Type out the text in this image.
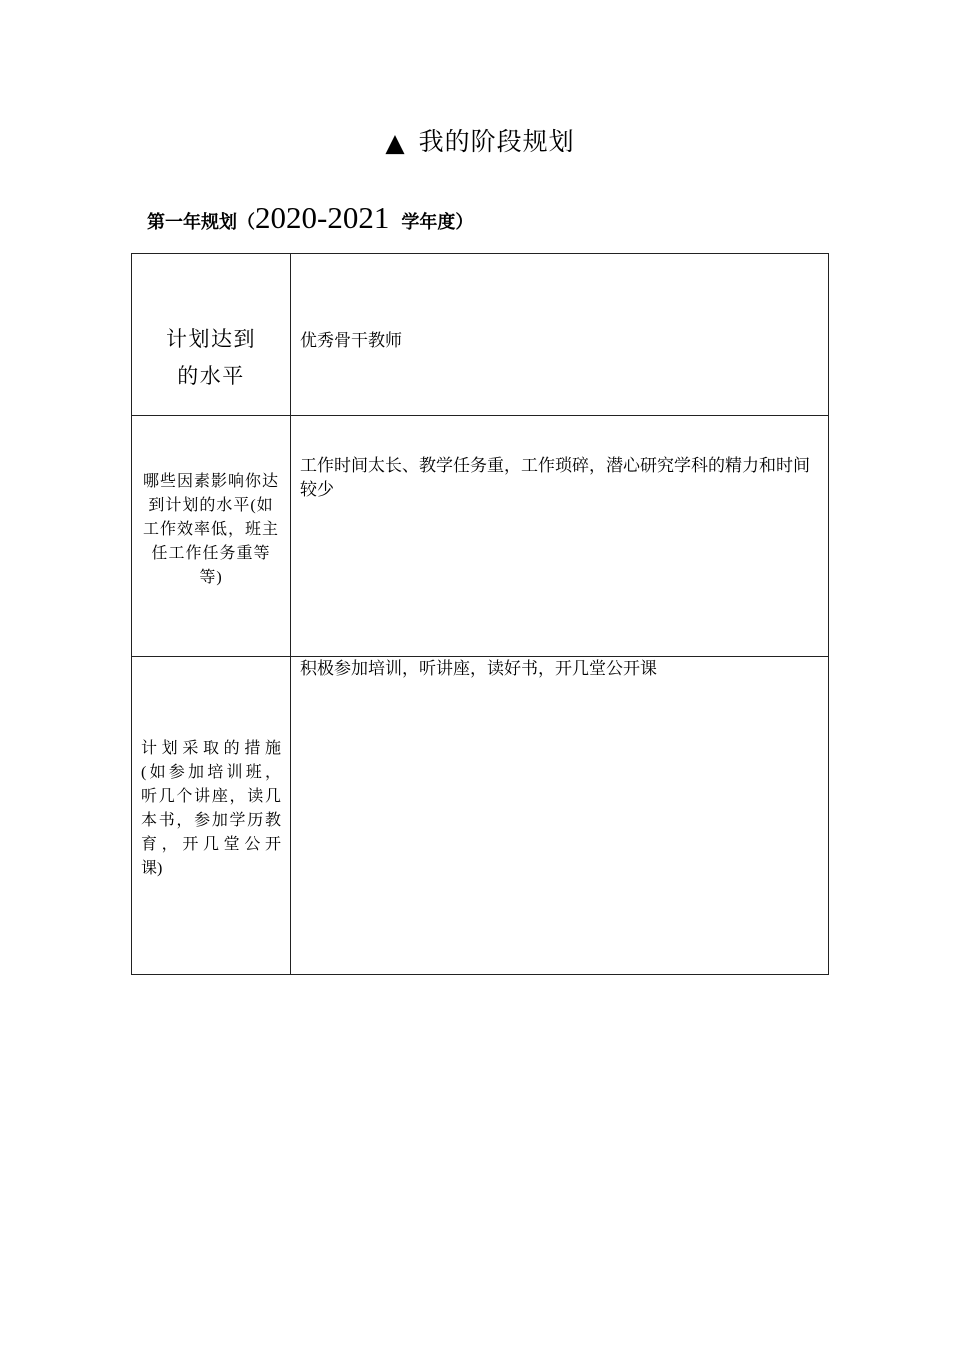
▲ 我的阶段规划
第一年规划（2020-2021 学年度）
计划达到
的水平
优秀骨干教师
哪些因素影响你达
到计划的水平(如
工作效率低，班主
任工作任务重等
等)
工作时间太长、教学任务重，工作琐碎，潜心研究学科的精力和时间
较少
计划采取的措施
(如参加培训班，
听几个讲座，读几
本书，参加学历教
育，开几堂公开
课)
积极参加培训，听讲座，读好书，开几堂公开课
